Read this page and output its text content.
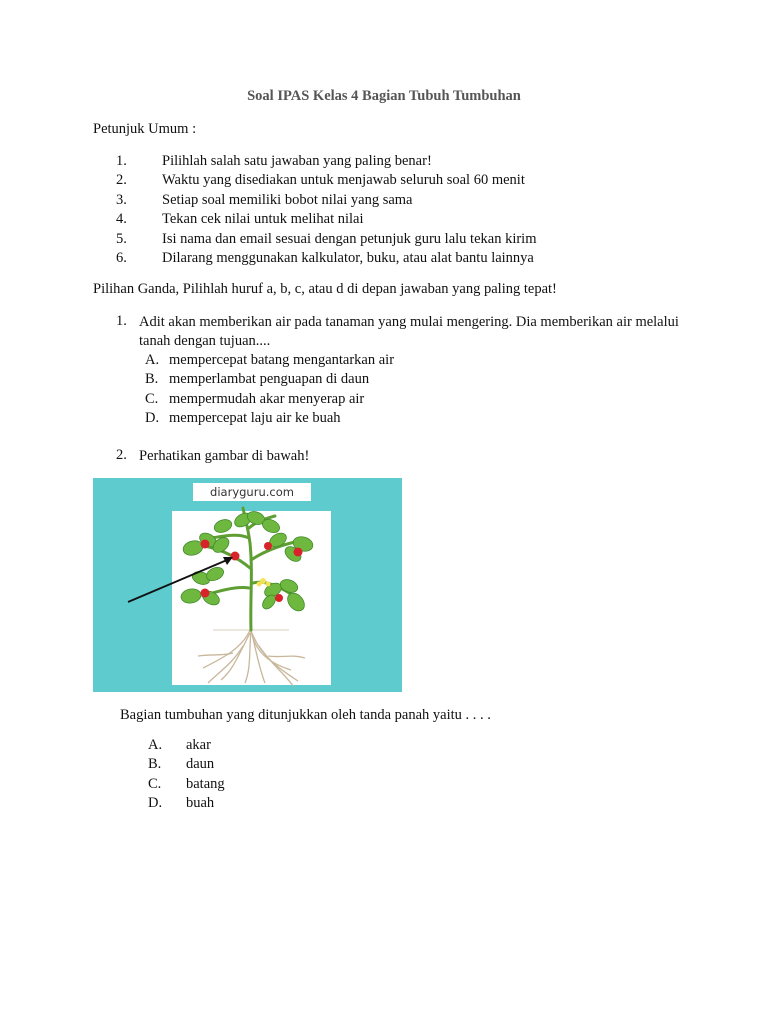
Soal IPAS Kelas 4 Bagian Tubuh Tumbuhan
Petunjuk Umum :
1. Pilihlah salah satu jawaban yang paling benar!
2. Waktu yang disediakan untuk menjawab seluruh soal 60 menit
3. Setiap soal memiliki bobot nilai yang sama
4. Tekan cek nilai untuk melihat nilai
5. Isi nama dan email sesuai dengan petunjuk guru lalu tekan kirim
6. Dilarang menggunakan kalkulator, buku, atau alat bantu lainnya
Pilihan Ganda, Pilihlah huruf a, b, c, atau d di depan jawaban yang paling tepat!
1. Adit akan memberikan air pada tanaman yang mulai mengering. Dia memberikan air melalui tanah dengan tujuan....
A. mempercepat batang mengantarkan air
B. memperlambat penguapan di daun
C. mempermudah akar menyerap air
D. mempercepat laju air ke buah
2. Perhatikan gambar di bawah!
diaryguru.com
Bagian tumbuhan yang ditunjukkan oleh tanda panah yaitu . . . .
A. akar
B. daun
C. batang
D. buah
